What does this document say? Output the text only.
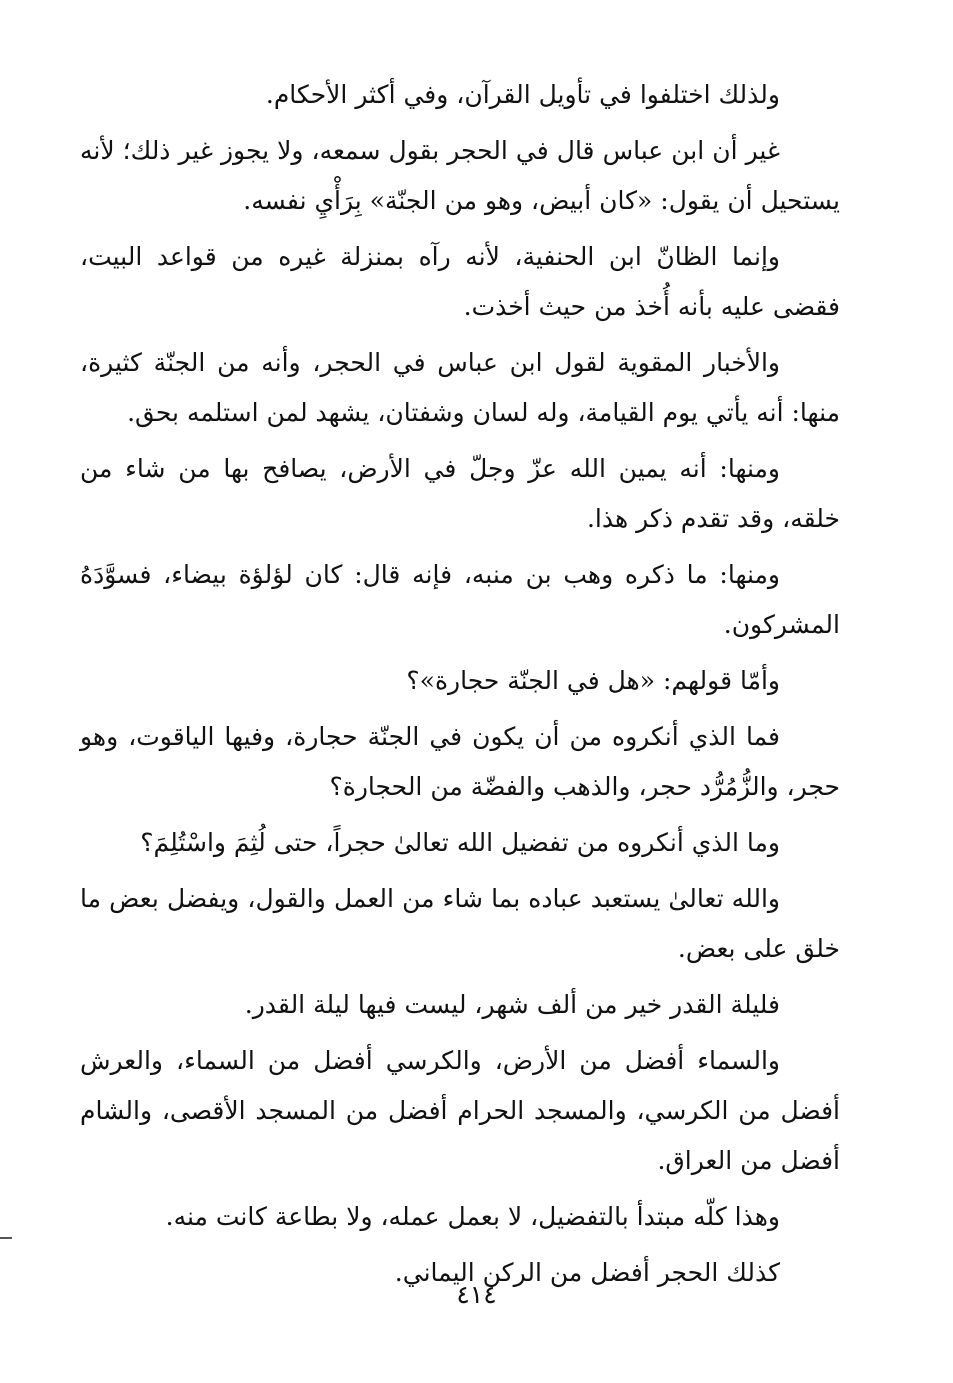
ولذلك اختلفوا في تأويل القرآن، وفي أكثر الأحكام.

غير أن ابن عباس قال في الحجر بقول سمعه، ولا يجوز غير ذلك؛ لأنه يستحيل أن يقول: «كان أبيض، وهو من الجنّة» بِرَأْيِ نفسه.

وإنما الظانّ ابن الحنفية، لأنه رآه بمنزلة غيره من قواعد البيت، فقضى عليه بأنه أُخذ من حيث أخذت.

والأخبار المقوية لقول ابن عباس في الحجر، وأنه من الجنّة كثيرة، منها: أنه يأتي يوم القيامة، وله لسان وشفتان، يشهد لمن استلمه بحق.

ومنها: أنه يمين الله عزّ وجلّ في الأرض، يصافح بها من شاء من خلقه، وقد تقدم ذكر هذا.

ومنها: ما ذكره وهب بن منبه، فإنه قال: كان لؤلؤة بيضاء، فسوَّدَهُ المشركون.

وأمّا قولهم: «هل في الجنّة حجارة»؟

فما الذي أنكروه من أن يكون في الجنّة حجارة، وفيها الياقوت، وهو حجر، والزُّمُرُّد حجر، والذهب والفضّة من الحجارة؟

وما الذي أنكروه من تفضيل الله تعالىٰ حجراً، حتى لُثِمَ واسْتُلِمَ؟

والله تعالىٰ يستعبد عباده بما شاء من العمل والقول، ويفضل بعض ما خلق على بعض.

فليلة القدر خير من ألف شهر، ليست فيها ليلة القدر.

والسماء أفضل من الأرض، والكرسي أفضل من السماء، والعرش أفضل من الكرسي، والمسجد الحرام أفضل من المسجد الأقصى، والشام أفضل من العراق.

وهذا كلّه مبتدأ بالتفضيل، لا بعمل عمله، ولا بطاعة كانت منه.

كذلك الحجر أفضل من الركن اليماني.

٤١٤
